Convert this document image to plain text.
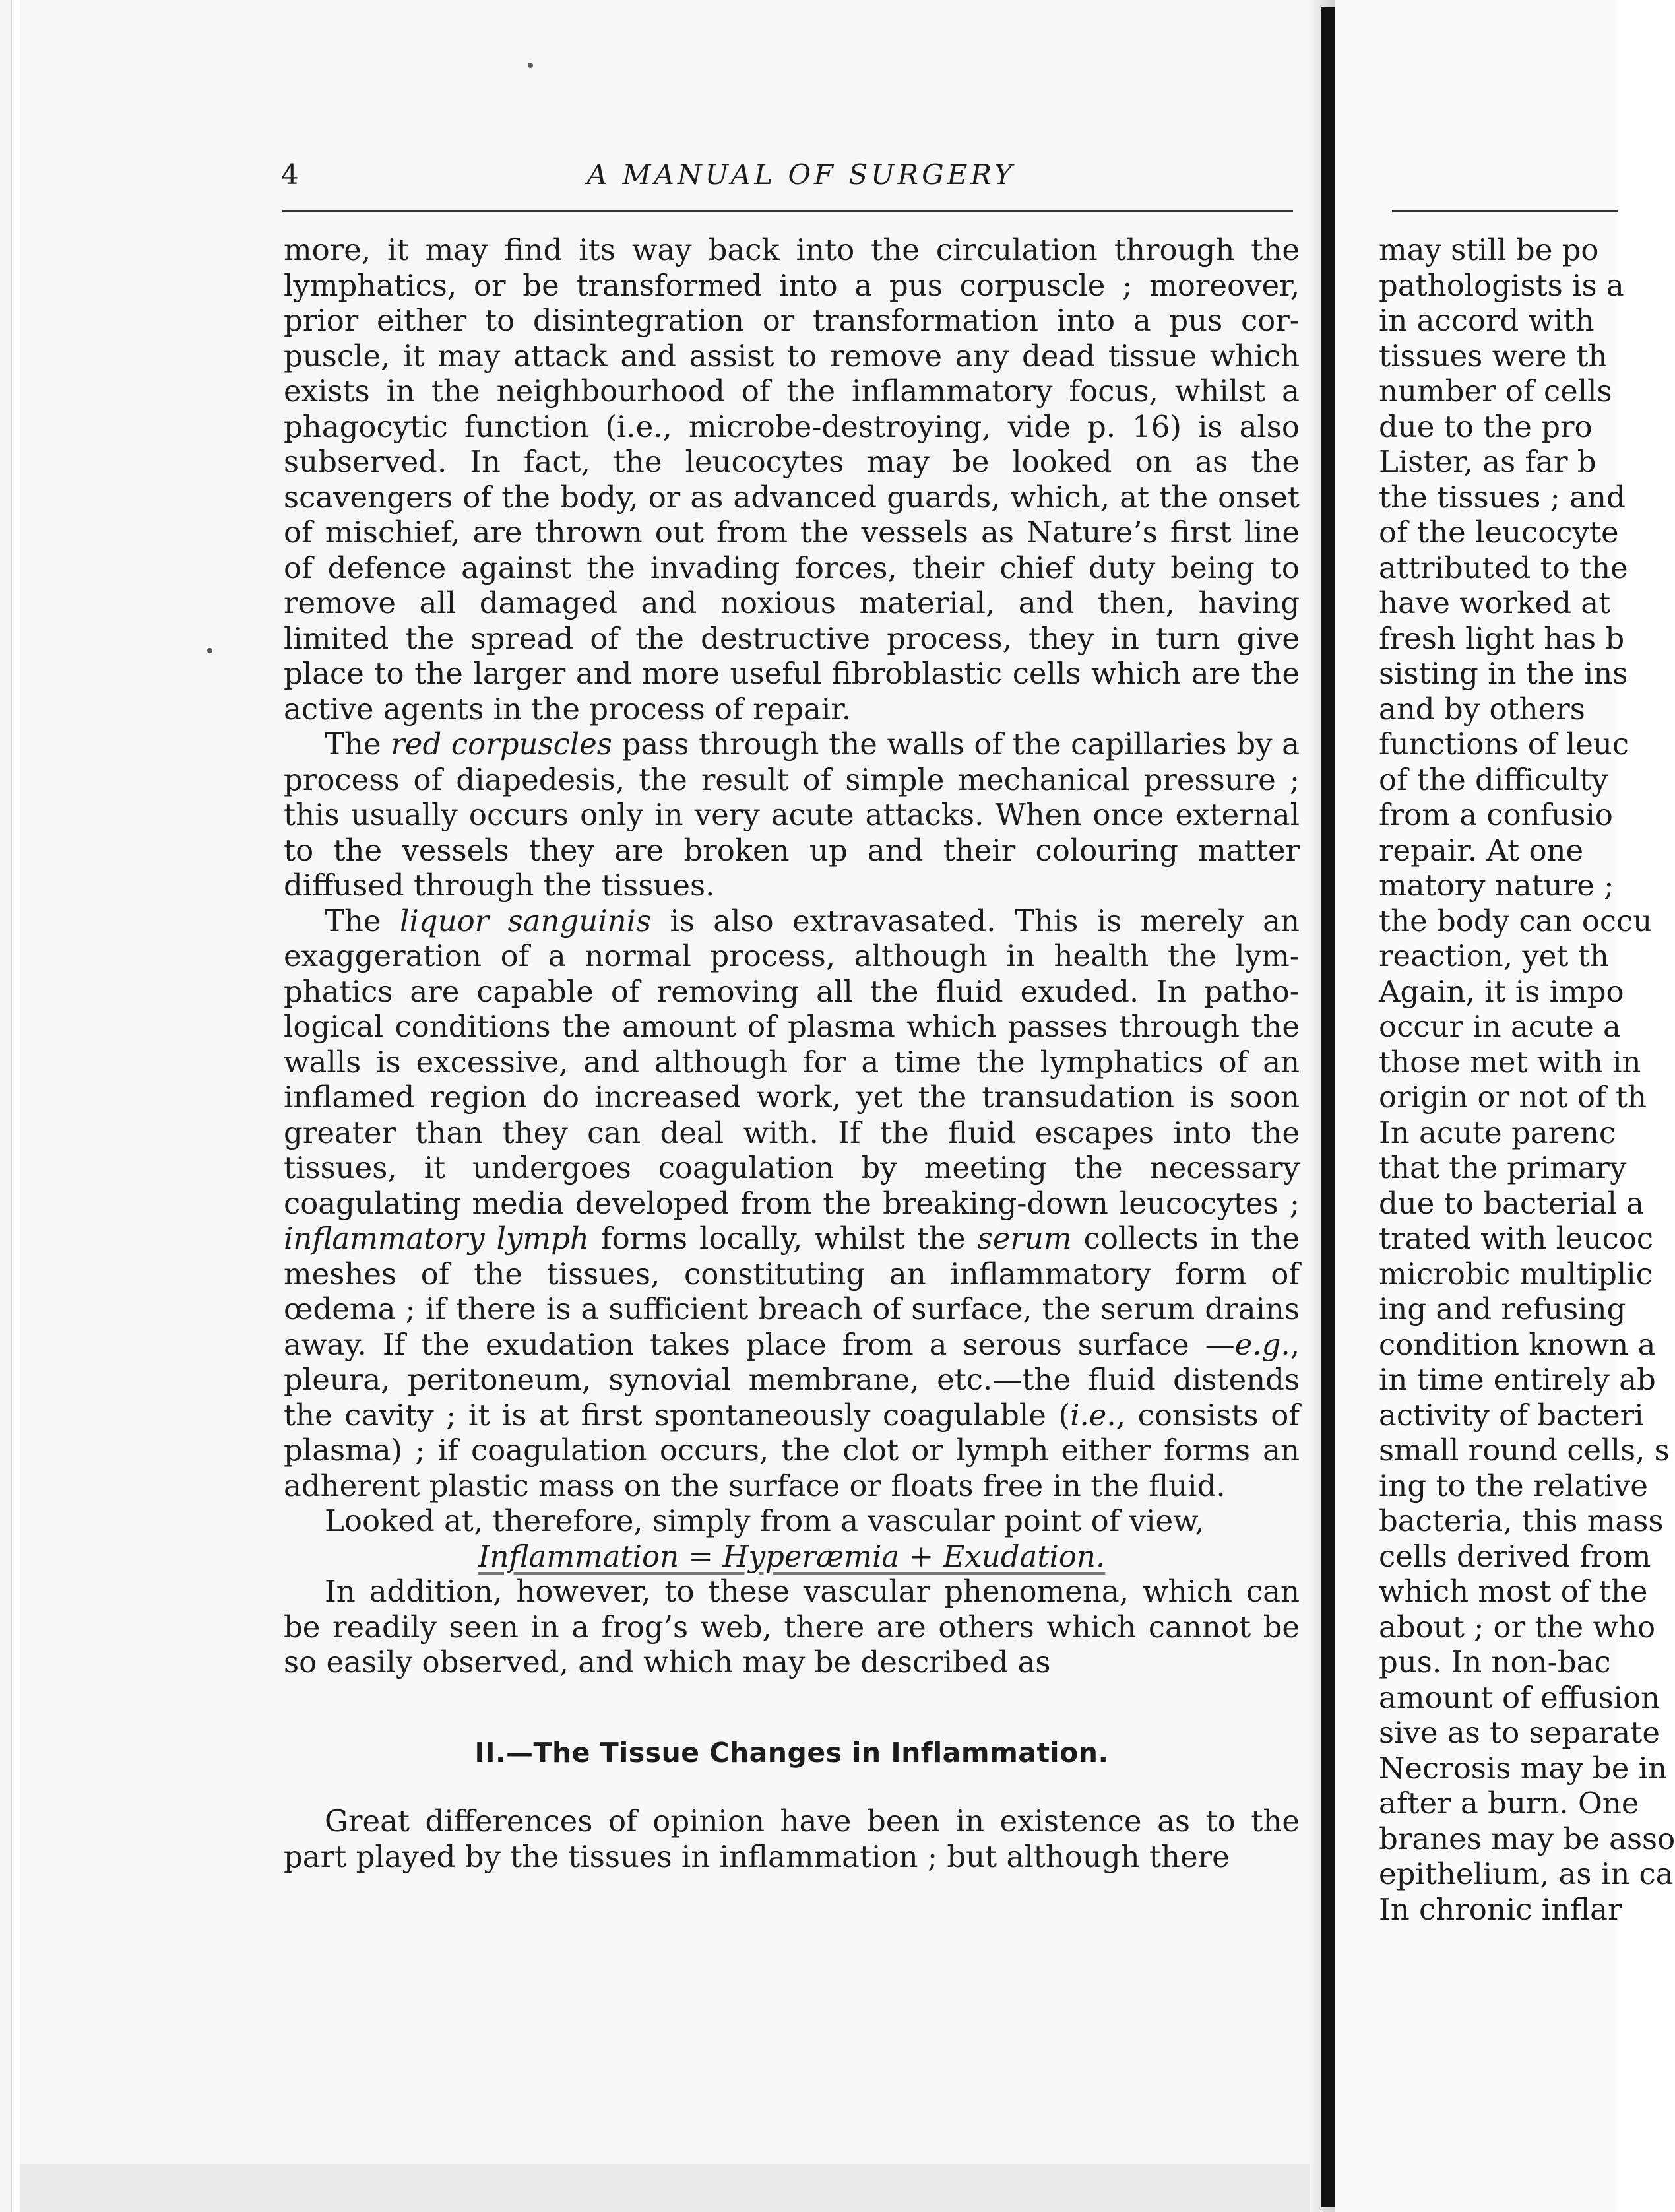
4	A MANUAL OF SURGERY

more, it may find its way back into the circulation through the lymphatics, or be transformed into a pus corpuscle ; moreover, prior either to disintegration or transformation into a pus cor-puscle, it may attack and assist to remove any dead tissue which exists in the neighbourhood of the inflammatory focus, whilst a phagocytic function (i.e., microbe-destroying, vide p. 16) is also subserved. In fact, the leucocytes may be looked on as the scavengers of the body, or as advanced guards, which, at the onset of mischief, are thrown out from the vessels as Nature’s first line of defence against the invading forces, their chief duty being to remove all damaged and noxious material, and then, having limited the spread of the destructive process, they in turn give place to the larger and more useful fibroblastic cells which are the active agents in the process of repair.

The red corpuscles pass through the walls of the capillaries by a process of diapedesis, the result of simple mechanical pressure ; this usually occurs only in very acute attacks. When once external to the vessels they are broken up and their colouring matter diffused through the tissues.

The liquor sanguinis is also extravasated. This is merely an exaggeration of a normal process, although in health the lym-phatics are capable of removing all the fluid exuded. In patho-logical conditions the amount of plasma which passes through the walls is excessive, and although for a time the lymphatics of an inflamed region do increased work, yet the transudation is soon greater than they can deal with. If the fluid escapes into the tissues, it undergoes coagulation by meeting the necessary coagulating media developed from the breaking-down leucocytes ; inflammatory lymph forms locally, whilst the serum collects in the meshes of the tissues, constituting an inflammatory form of œdema ; if there is a sufficient breach of surface, the serum drains away. If the exudation takes place from a serous surface —e.g., pleura, peritoneum, synovial membrane, etc.—the fluid distends the cavity ; it is at first spontaneously coagulable (i.e., consists of plasma) ; if coagulation occurs, the clot or lymph either forms an adherent plastic mass on the surface or floats free in the fluid.

Looked at, therefore, simply from a vascular point of view,

Inflammation = Hyperæmia + Exudation.

In addition, however, to these vascular phenomena, which can be readily seen in a frog’s web, there are others which cannot be so easily observed, and which may be described as

II.—The Tissue Changes in Inflammation.

Great differences of opinion have been in existence as to the part played by the tissues in inflammation ; but although there

may still be po
pathologists is a
in accord with
tissues were th
number of cells
due to the pro
Lister, as far b
the tissues ; and
of the leucocyte
attributed to the
have worked at
fresh light has b
sisting in the ins
and by others
functions of leuc
of the difficulty
from a confusio
repair. At one
matory nature ;
the body can occu
reaction, yet th
Again, it is impo
occur in acute a
those met with in
origin or not of th
In acute parenc
that the primary
due to bacterial a
trated with leucoc
microbic multiplic
ing and refusing
condition known a
in time entirely ab
activity of bacteri
small round cells, s
ing to the relative
bacteria, this mass
cells derived from
which most of the
about ; or the who
pus. In non-bac
amount of effusion
sive as to separate
Necrosis may be in
after a burn. One
branes may be asso
epithelium, as in ca
In chronic inflar
